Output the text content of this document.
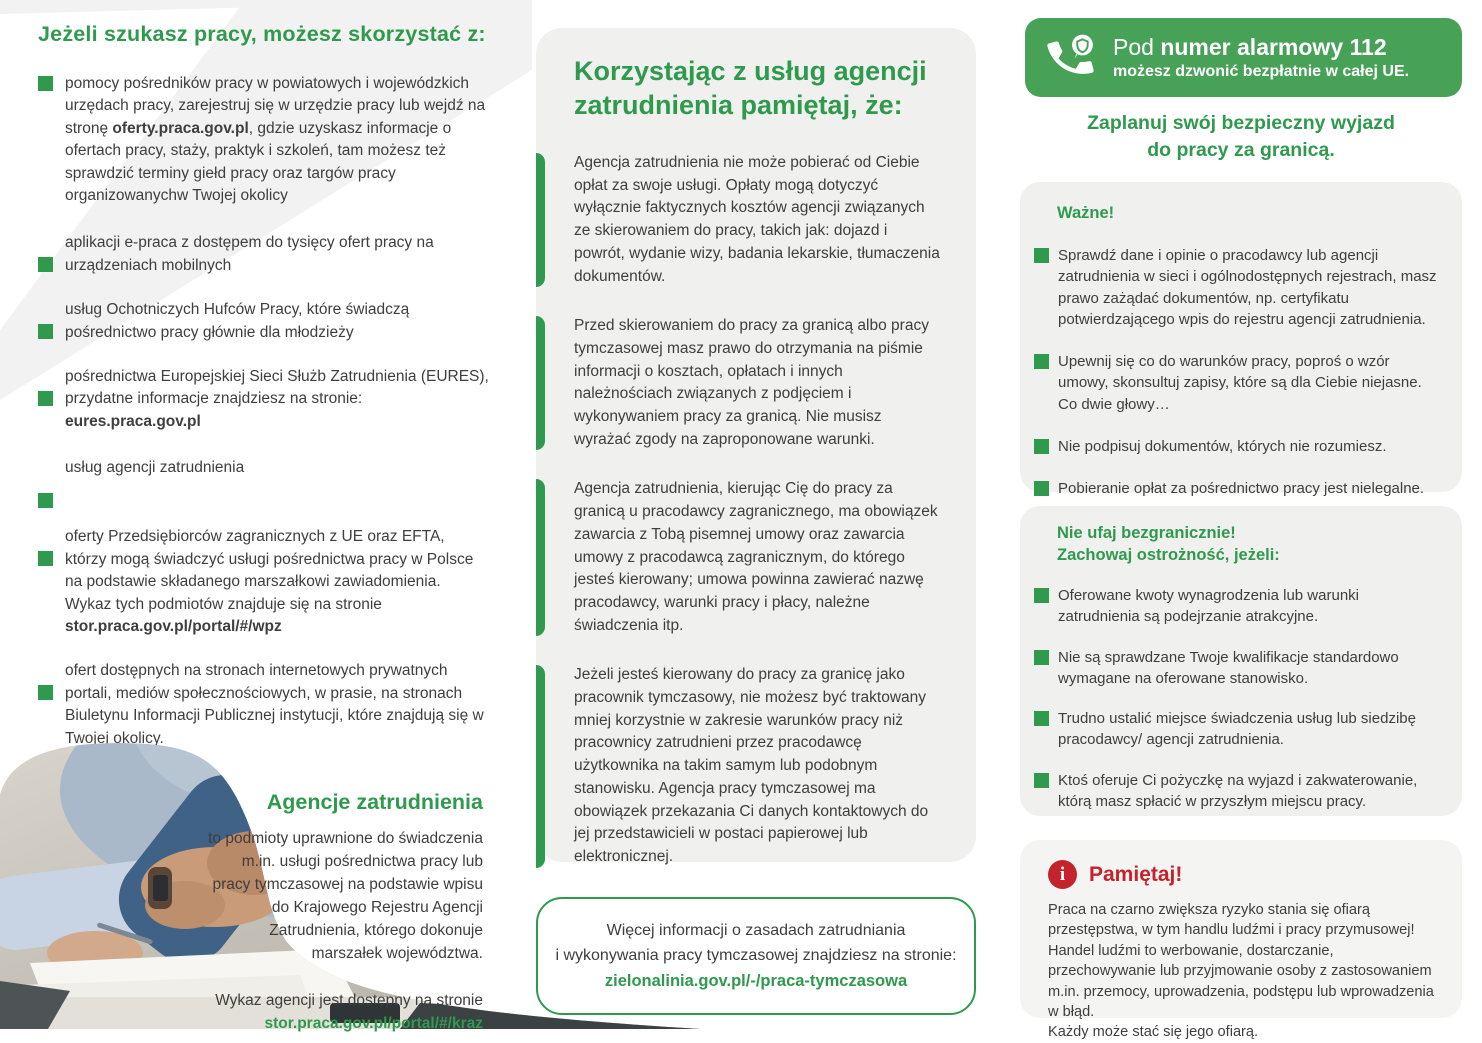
Jeżeli szukasz pracy, możesz skorzystać z:
pomocy pośredników pracy w powiatowych i wojewódzkich urzędach pracy, zarejestruj się w urzędzie pracy lub wejdź na stronę oferty.praca.gov.pl, gdzie uzyskasz informacje o ofertach pracy, staży, praktyk i szkoleń, tam możesz też sprawdzić terminy giełd pracy oraz targów pracy organizowanychw Twojej okolicy
aplikacji e-praca z dostępem do tysięcy ofert pracy na urządzeniach mobilnych
usług Ochotniczych Hufców Pracy, które świadczą pośrednictwo pracy głównie dla młodzieży
pośrednictwa Europejskiej Sieci Służb Zatrudnienia (EURES), przydatne informacje znajdziesz na stronie: eures.praca.gov.pl
usług agencji zatrudnienia
oferty Przedsiębiorców zagranicznych z UE oraz EFTA, którzy mogą świadczyć usługi pośrednictwa pracy w Polsce na podstawie składanego marszałkowi zawiadomienia. Wykaz tych podmiotów znajduje się na stronie stor.praca.gov.pl/portal/#/wpz
ofert dostępnych na stronach internetowych prywatnych portali, mediów społecznościowych, w prasie, na stronach Biuletynu Informacji Publicznej instytucji, które znajdują się w Twojej okolicy.
Agencje zatrudnienia
to podmioty uprawnione do świadczenia m.in. usługi pośrednictwa pracy lub pracy tymczasowej na podstawie wpisu do Krajowego Rejestru Agencji Zatrudnienia, którego dokonuje marszałek województwa.
Wykaz agencji jest dostępny na stronie
stor.praca.gov.pl/portal/#/kraz
Korzystając z usług agencji zatrudnienia pamiętaj, że:

Agencja zatrudnienia nie może pobierać od Ciebie opłat za swoje usługi. Opłaty mogą dotyczyć wyłącznie faktycznych kosztów agencji związanych ze skierowaniem do pracy, takich jak: dojazd i powrót, wydanie wizy, badania lekarskie, tłumaczenia dokumentów.

Przed skierowaniem do pracy za granicą albo pracy tymczasowej masz prawo do otrzymania na piśmie informacji o kosztach, opłatach i innych należnościach związanych z podjęciem i wykonywaniem pracy za granicą. Nie musisz wyrażać zgody na zaproponowane warunki.

Agencja zatrudnienia, kierując Cię do pracy za granicą u pracodawcy zagranicznego, ma obowiązek zawarcia z Tobą pisemnej umowy oraz zawarcia umowy z pracodawcą zagranicznym, do którego jesteś kierowany; umowa powinna zawierać nazwę pracodawcy, warunki pracy i płacy, należne świadczenia itp.

Jeżeli jesteś kierowany do pracy za granicę jako pracownik tymczasowy, nie możesz być traktowany mniej korzystnie w zakresie warunków pracy niż pracownicy zatrudnieni przez pracodawcę użytkownika na takim samym lub podobnym stanowisku. Agencja pracy tymczasowej ma obowiązek przekazania Ci danych kontaktowych do jej przedstawicieli w postaci papierowej lub elektronicznej.

Więcej informacji o zasadach zatrudniania
i wykonywania pracy tymczasowej znajdziesz na stronie:
zielonalinia.gov.pl/-/praca-tymczasowa
Pod numer alarmowy 112
możesz dzwonić bezpłatnie w całej UE.
Zaplanuj swój bezpieczny wyjazd
do pracy za granicą.
Ważne!
Sprawdź dane i opinie o pracodawcy lub agencji zatrudnienia w sieci i ogólnodostępnych rejestrach, masz prawo zażądać dokumentów, np. certyfikatu potwierdzającego wpis do rejestru agencji zatrudnienia.
Upewnij się co do warunków pracy, poproś o wzór umowy, skonsultuj zapisy, które są dla Ciebie niejasne. Co dwie głowy…
Nie podpisuj dokumentów, których nie rozumiesz.
Pobieranie opłat za pośrednictwo pracy jest nielegalne.
Nie ufaj bezgranicznie!
Zachowaj ostrożność, jeżeli:
Oferowane kwoty wynagrodzenia lub warunki zatrudnienia są podejrzanie atrakcyjne.
Nie są sprawdzane Twoje kwalifikacje standardowo wymagane na oferowane stanowisko.
Trudno ustalić miejsce świadczenia usług lub siedzibę pracodawcy/ agencji zatrudnienia.
Ktoś oferuje Ci pożyczkę na wyjazd i zakwaterowanie, którą masz spłacić w przyszłym miejscu pracy.
i	Pamiętaj!
Praca na czarno zwiększa ryzyko stania się ofiarą przestępstwa, w tym handlu ludźmi i pracy przymusowej! Handel ludźmi to werbowanie, dostarczanie, przechowywanie lub przyjmowanie osoby z zastosowaniem m.in. przemocy, uprowadzenia, podstępu lub wprowadzenia w błąd.
Każdy może stać się jego ofiarą.
